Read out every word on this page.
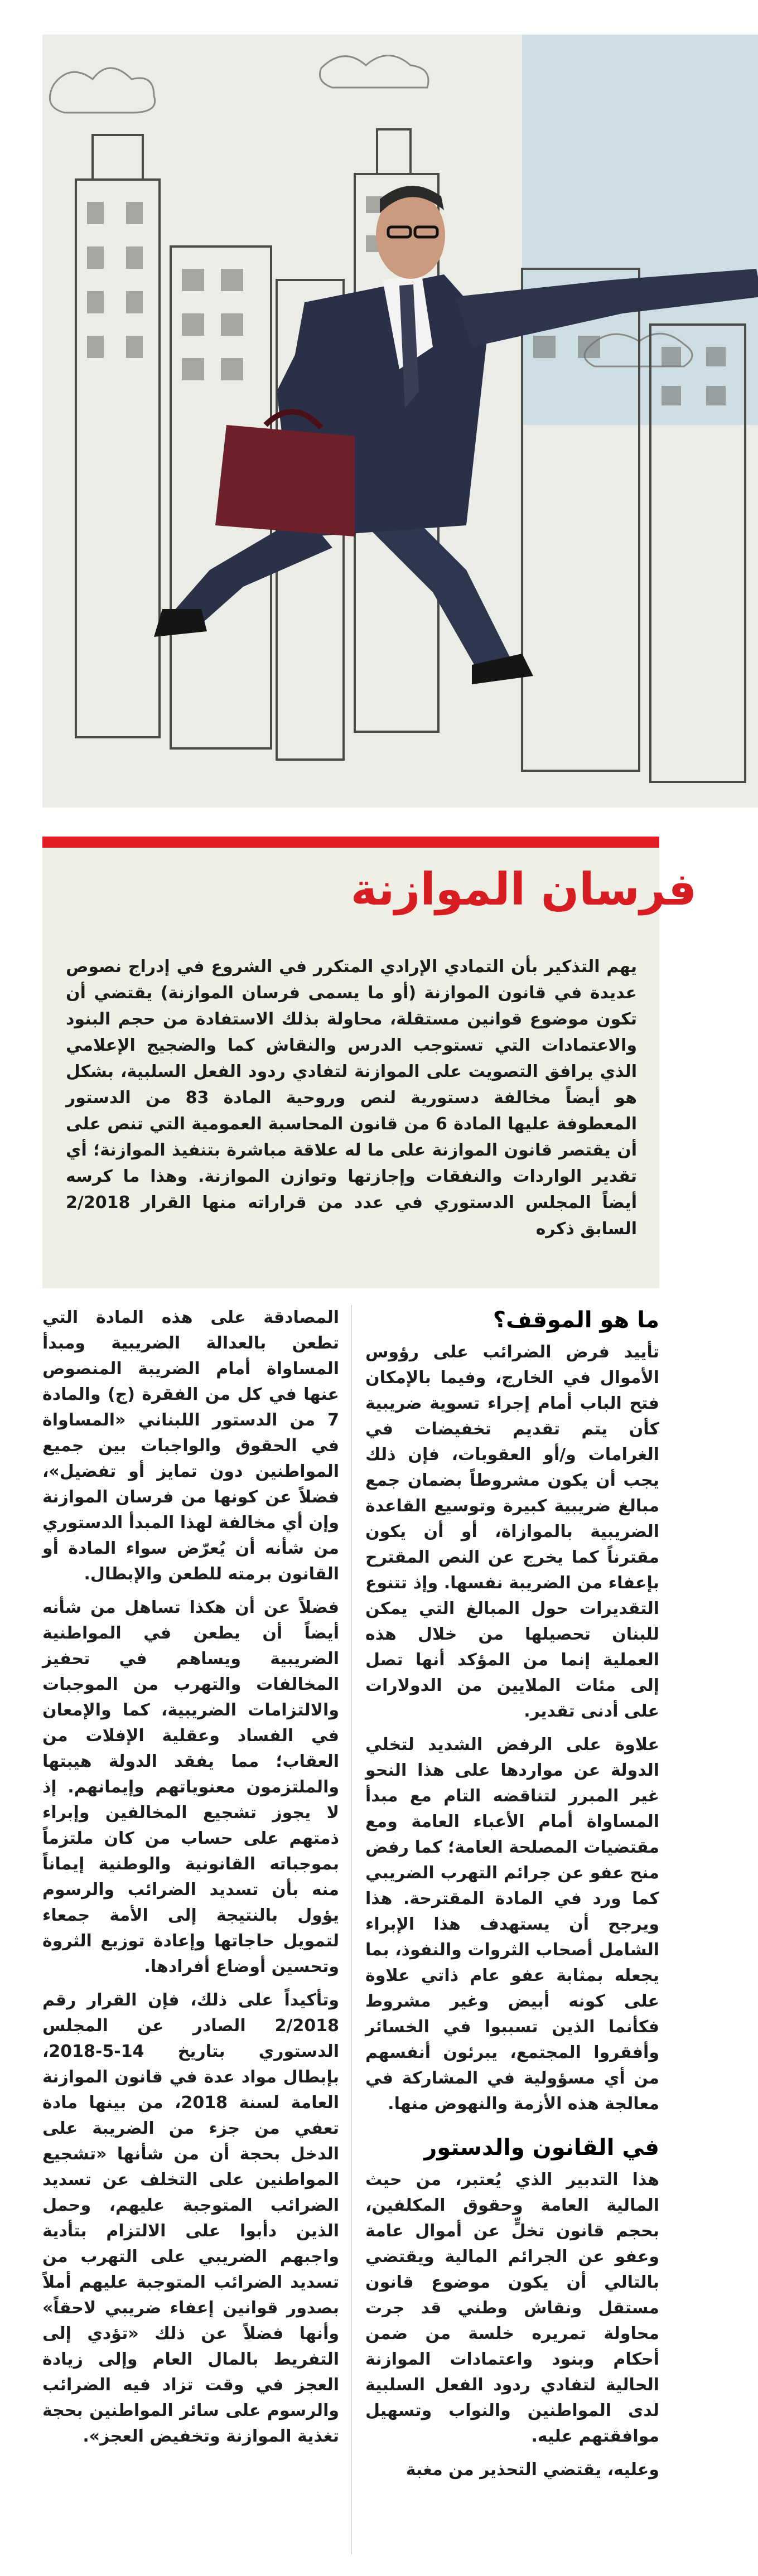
فرسان الموازنة

يهم التذكير بأن التمادي الإرادي المتكرر في الشروع في إدراج نصوص عديدة في قانون الموازنة (أو ما يسمى فرسان الموازنة) يقتضي أن تكون موضوع قوانين مستقلة، محاولة بذلك الاستفادة من حجم البنود والاعتمادات التي تستوجب الدرس والنقاش كما والضجيج الإعلامي الذي يرافق التصويت على الموازنة لتفادي ردود الفعل السلبية، بشكل هو أيضاً مخالفة دستورية لنص وروحية المادة 83 من الدستور المعطوفة عليها المادة 6 من قانون المحاسبة العمومية التي تنص على أن يقتصر قانون الموازنة على ما له علاقة مباشرة بتنفيذ الموازنة؛ أي تقدير الواردات والنفقات وإجازتها وتوازن الموازنة. وهذا ما كرسه أيضاً المجلس الدستوري في عدد من قراراته منها القرار 2/2018 السابق ذكره

ما هو الموقف؟

تأييد فرض الضرائب على رؤوس الأموال في الخارج، وفيما بالإمكان فتح الباب أمام إجراء تسوية ضريبية كأن يتم تقديم تخفيضات في الغرامات و/أو العقوبات، فإن ذلك يجب أن يكون مشروطاً بضمان جمع مبالغ ضريبية كبيرة وتوسيع القاعدة الضريبية بالموازاة، أو أن يكون مقترناً كما يخرج عن النص المقترح بإعفاء من الضريبة نفسها. وإذ تتنوع التقديرات حول المبالغ التي يمكن للبنان تحصيلها من خلال هذه العملية إنما من المؤكد أنها تصل إلى مئات الملايين من الدولارات على أدنى تقدير.

علاوة على الرفض الشديد لتخلي الدولة عن مواردها على هذا النحو غير المبرر لتناقضه التام مع مبدأ المساواة أمام الأعباء العامة ومع مقتضيات المصلحة العامة؛ كما رفض منح عفو عن جرائم التهرب الضريبي كما ورد في المادة المقترحة. هذا ويرجح أن يستهدف هذا الإبراء الشامل أصحاب الثروات والنفوذ، بما يجعله بمثابة عفو عام ذاتي علاوة على كونه أبيض وغير مشروط فكأنما الذين تسببوا في الخسائر وأفقروا المجتمع، يبرئون أنفسهم من أي مسؤولية في المشاركة في معالجة هذه الأزمة والنهوض منها.

في القانون والدستور

هذا التدبير الذي يُعتبر، من حيث المالية العامة وحقوق المكلفين، بحجم قانون تخلٍّ عن أموال عامة وعفو عن الجرائم المالية ويقتضي بالتالي أن يكون موضوع قانون مستقل ونقاش وطني قد جرت محاولة تمريره خلسة من ضمن أحكام وبنود واعتمادات الموازنة الحالية لتفادي ردود الفعل السلبية لدى المواطنين والنواب وتسهيل موافقتهم عليه.

وعليه، يقتضي التحذير من مغبة

المصادقة على هذه المادة التي تطعن بالعدالة الضريبية ومبدأ المساواة أمام الضريبة المنصوص عنها في كل من الفقرة (ج) والمادة 7 من الدستور اللبناني «المساواة في الحقوق والواجبات بين جميع المواطنين دون تمايز أو تفضيل»، فضلاً عن كونها من فرسان الموازنة وإن أي مخالفة لهذا المبدأ الدستوري من شأنه أن يُعرّض سواء المادة أو القانون برمته للطعن والإبطال.

فضلاً عن أن هكذا تساهل من شأنه أيضاً أن يطعن في المواطنية الضريبية ويساهم في تحفيز المخالفات والتهرب من الموجبات والالتزامات الضريبية، كما والإمعان في الفساد وعقلية الإفلات من العقاب؛ مما يفقد الدولة هيبتها والملتزمون معنوياتهم وإيمانهم. إذ لا يجوز تشجيع المخالفين وإبراء ذمتهم على حساب من كان ملتزماً بموجباته القانونية والوطنية إيماناً منه بأن تسديد الضرائب والرسوم يؤول بالنتيجة إلى الأمة جمعاء لتمويل حاجاتها وإعادة توزيع الثروة وتحسين أوضاع أفرادها.

وتأكيداً على ذلك، فإن القرار رقم 2/2018 الصادر عن المجلس الدستوري بتاريخ 14-5-2018، بإبطال مواد عدة في قانون الموازنة العامة لسنة 2018، من بينها مادة تعفي من جزء من الضريبة على الدخل بحجة أن من شأنها «تشجيع المواطنين على التخلف عن تسديد الضرائب المتوجبة عليهم، وحمل الذين دأبوا على الالتزام بتأدية واجبهم الضريبي على التهرب من تسديد الضرائب المتوجبة عليهم أملاً بصدور قوانين إعفاء ضريبي لاحقاً» وأنها فضلاً عن ذلك «تؤدي إلى التفريط بالمال العام وإلى زيادة العجز في وقت تزاد فيه الضرائب والرسوم على سائر المواطنين بحجة تغذية الموازنة وتخفيض العجز».
